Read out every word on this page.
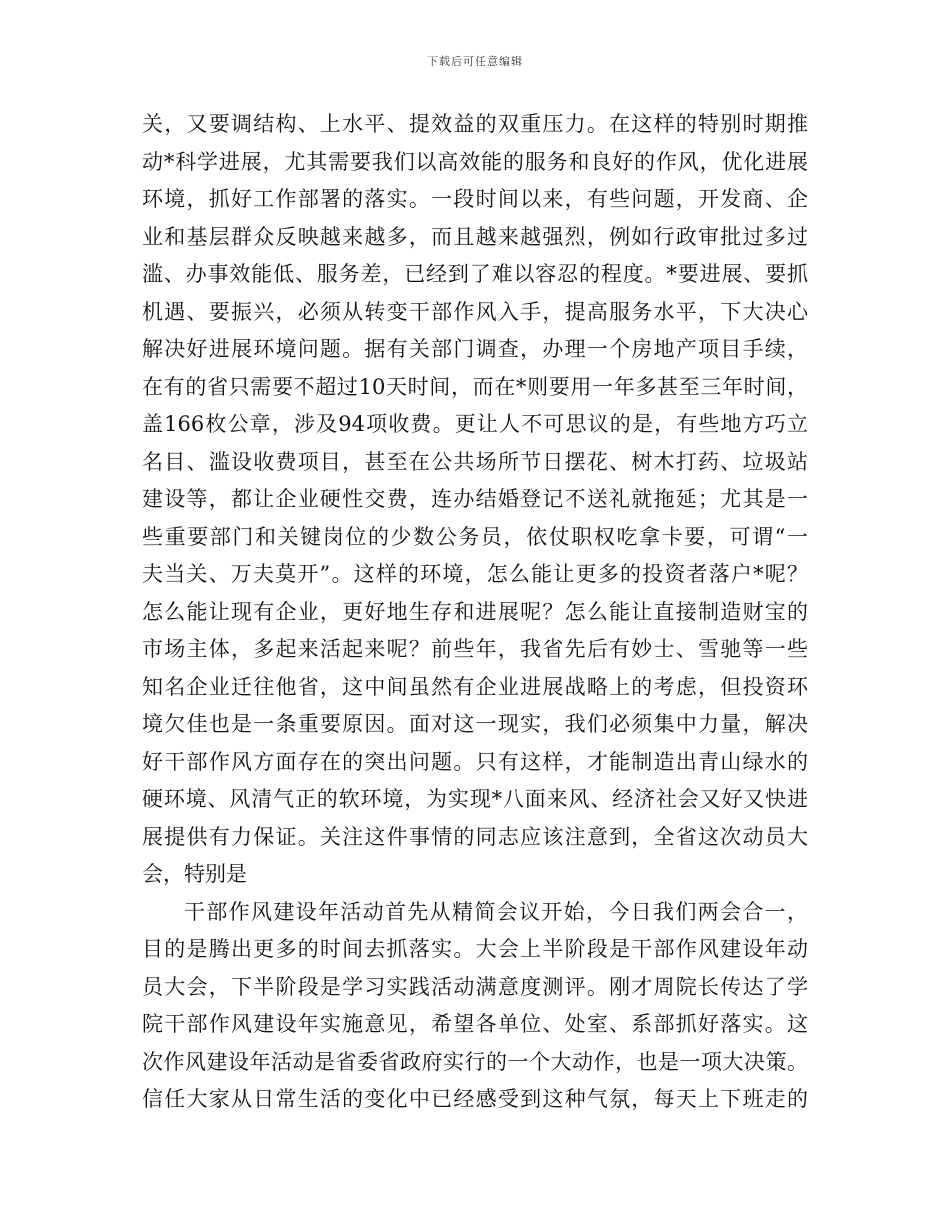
下载后可任意编辑
关，又要调结构、上水平、提效益的双重压力。在这样的特别时期推
动*科学进展，尤其需要我们以高效能的服务和良好的作风，优化进展
环境，抓好工作部署的落实。一段时间以来，有些问题，开发商、企
业和基层群众反映越来越多，而且越来越强烈，例如行政审批过多过
滥、办事效能低、服务差，已经到了难以容忍的程度。*要进展、要抓
机遇、要振兴，必须从转变干部作风入手，提高服务水平，下大决心
解决好进展环境问题。据有关部门调查，办理一个房地产项目手续，
在有的省只需要不超过10天时间，而在*则要用一年多甚至三年时间，
盖166枚公章，涉及94项收费。更让人不可思议的是，有些地方巧立
名目、滥设收费项目，甚至在公共场所节日摆花、树木打药、垃圾站
建设等，都让企业硬性交费，连办结婚登记不送礼就拖延；尤其是一
些重要部门和关键岗位的少数公务员，依仗职权吃拿卡要，可谓“一
夫当关、万夫莫开”。这样的环境，怎么能让更多的投资者落户*呢？
怎么能让现有企业，更好地生存和进展呢？怎么能让直接制造财宝的
市场主体，多起来活起来呢？前些年，我省先后有妙士、雪驰等一些
知名企业迁往他省，这中间虽然有企业进展战略上的考虑，但投资环
境欠佳也是一条重要原因。面对这一现实，我们必须集中力量，解决
好干部作风方面存在的突出问题。只有这样，才能制造出青山绿水的
硬环境、风清气正的软环境，为实现*八面来风、经济社会又好又快进
展提供有力保证。关注这件事情的同志应该注意到，全省这次动员大
会，特别是
干部作风建设年活动首先从精简会议开始，今日我们两会合一，
目的是腾出更多的时间去抓落实。大会上半阶段是干部作风建设年动
员大会，下半阶段是学习实践活动满意度测评。刚才周院长传达了学
院干部作风建设年实施意见，希望各单位、处室、系部抓好落实。这
次作风建设年活动是省委省政府实行的一个大动作，也是一项大决策。
信任大家从日常生活的变化中已经感受到这种气氛，每天上下班走的
